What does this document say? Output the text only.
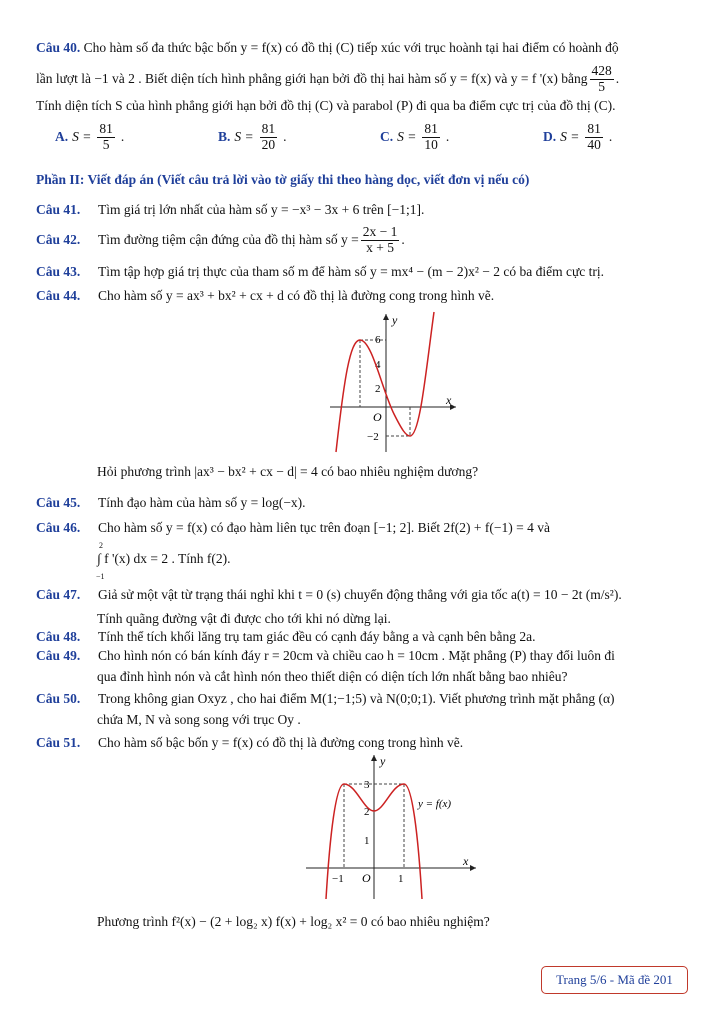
Câu 40. Cho hàm số đa thức bậc bốn y = f(x) có đồ thị (C) tiếp xúc với trục hoành tại hai điểm có hoành độ
lần lượt là −1 và 2 . Biết diện tích hình phẳng giới hạn bởi đồ thị hai hàm số y = f(x) và y = f '(x) bằng $\frac{428}{5}$ .
Tính diện tích S của hình phẳng giới hạn bởi đồ thị (C) và parabol (P) đi qua ba điểm cực trị của đồ thị (C).
A. $S = \frac{81}{5}$ .	B. $S = \frac{81}{20}$ .	C. $S = \frac{81}{10}$ .	D. $S = \frac{81}{40}$ .
Phần II: Viết đáp án (Viết câu trả lời vào tờ giấy thi theo hàng dọc, viết đơn vị nếu có)
Câu 41. Tìm giá trị lớn nhất của hàm số y = −x³ − 3x + 6 trên [−1;1].
Câu 42.	Tìm đường tiệm cận đứng của đồ thị hàm số $y = \frac{2x - 1}{x + 5}$ .
Câu 43. Tìm tập hợp giá trị thực của tham số m để hàm số y = mx⁴ − (m − 2)x² − 2 có ba điểm cực trị.
Câu 44. Cho hàm số y = ax³ + bx² + cx + d có đồ thị là đường cong trong hình vẽ.
y
x
O
6
4
2
−2
Hỏi phương trình |ax³ − bx² + cx − d| = 4 có bao nhiêu nghiệm dương?
Câu 45. Tính đạo hàm của hàm số y = log(−x).
Câu 46. Cho hàm số y = f(x) có đạo hàm liên tục trên đoạn [−1; 2]. Biết 2f(2) + f(−1) = 4 và
2
∫ f '(x) dx = 2 . Tính f(2).
−1
Câu 47. Giả sử một vật từ trạng thái nghỉ khi t = 0 (s) chuyển động thẳng với gia tốc a(t) = 10 − 2t (m/s²).
Tính quãng đường vật đi được cho tới khi nó dừng lại.
Câu 48. Tính thể tích khối lăng trụ tam giác đều có cạnh đáy bằng a và cạnh bên bằng 2a.
Câu 49. Cho hình nón có bán kính đáy r = 20cm và chiều cao h = 10cm . Mặt phẳng (P) thay đổi luôn đi
qua đỉnh hình nón và cắt hình nón theo thiết diện có diện tích lớn nhất bằng bao nhiêu?
Câu 50. Trong không gian Oxyz , cho hai điểm M(1;−1;5) và N(0;0;1). Viết phương trình mặt phẳng (α)
chứa M, N và song song với trục Oy .
Câu 51. Cho hàm số bậc bốn y = f(x) có đồ thị là đường cong trong hình vẽ.
y
x
O
3
2
1
−1	1
y = f(x)
Phương trình f²(x) − (2 + log₂ x) f(x) + log₂ x² = 0 có bao nhiêu nghiệm?
Trang 5/6 - Mã đề 201
